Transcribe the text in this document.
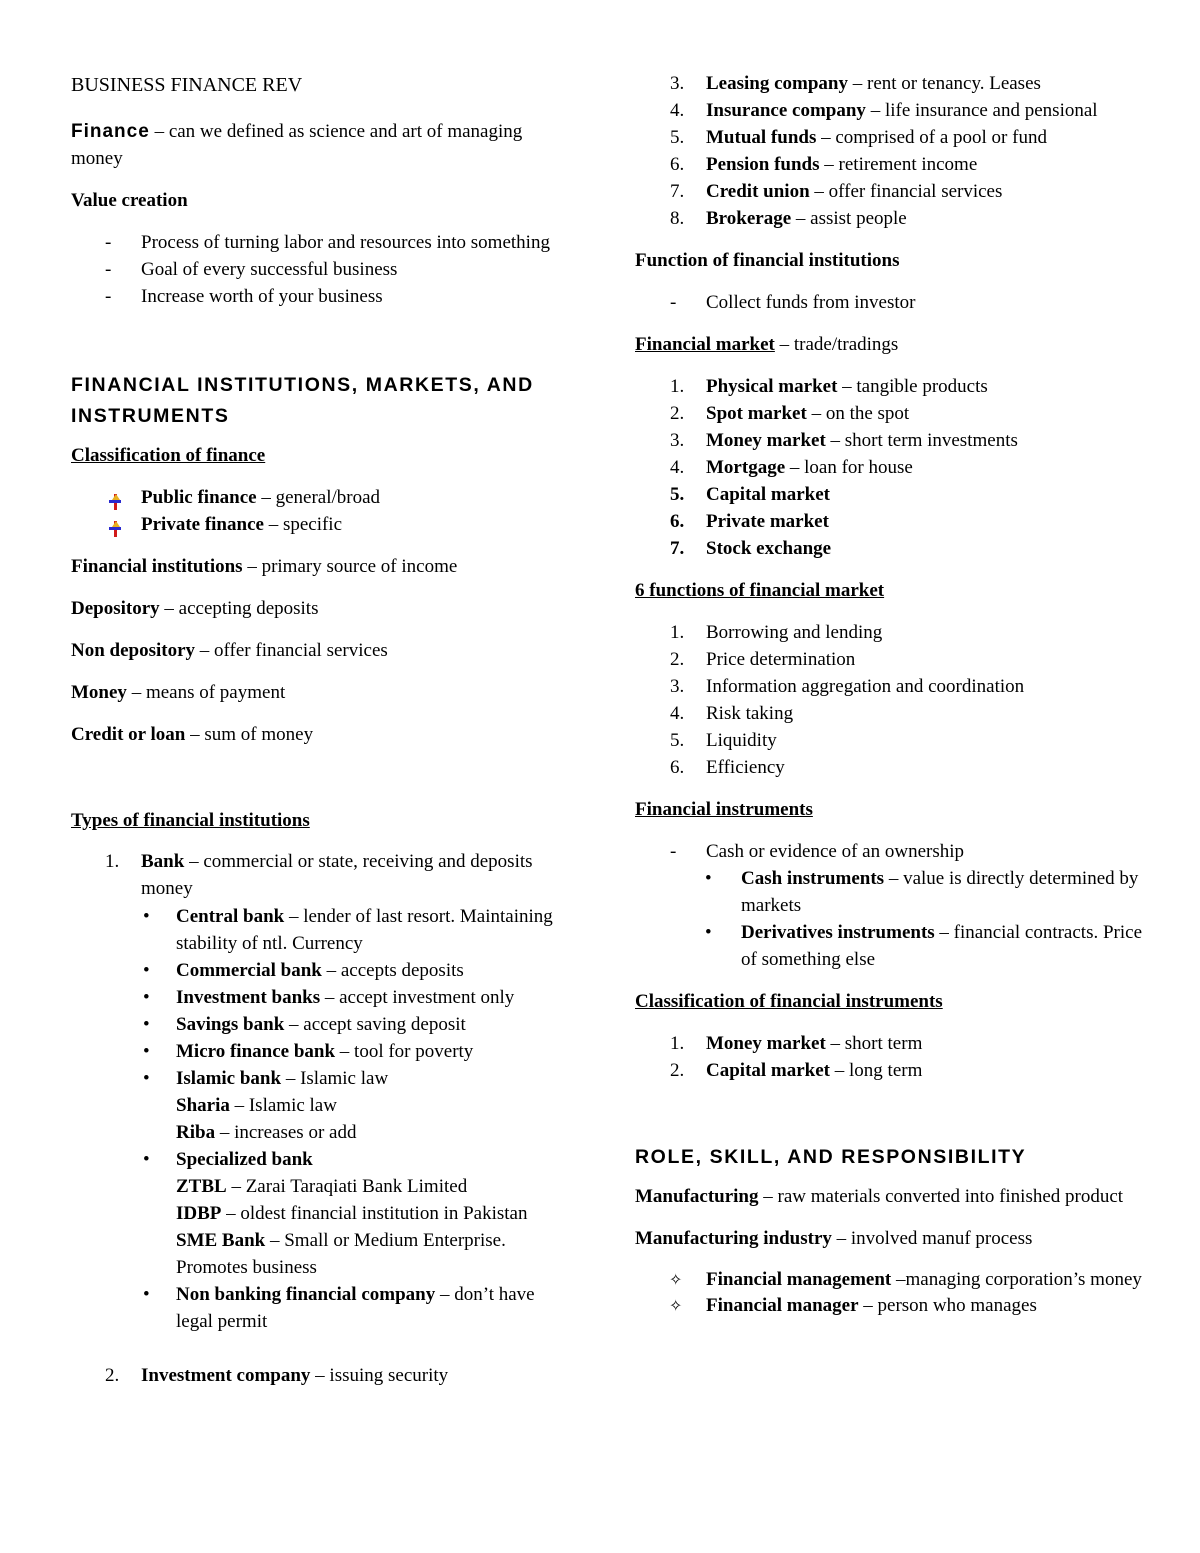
BUSINESS FINANCE REV

Finance – can we defined as science and art of managing money

Value creation

- Process of turning labor and resources into something
- Goal of every successful business
- Increase worth of your business

FINANCIAL INSTITUTIONS, MARKETS, AND INSTRUMENTS

Classification of finance

Public finance – general/broad
Private finance – specific

Financial institutions – primary source of income

Depository – accepting deposits

Non depository – offer financial services

Money – means of payment

Credit or loan – sum of money

Types of financial institutions

1. Bank – commercial or state, receiving and deposits money
• Central bank – lender of last resort. Maintaining stability of ntl. Currency
• Commercial bank – accepts deposits
• Investment banks – accept investment only
• Savings bank – accept saving deposit
• Micro finance bank – tool for poverty
• Islamic bank – Islamic law
Sharia – Islamic law
Riba – increases or add
• Specialized bank
ZTBL – Zarai Taraqiati Bank Limited
IDBP – oldest financial institution in Pakistan
SME Bank – Small or Medium Enterprise. Promotes business
• Non banking financial company – don’t have legal permit
2. Investment company – issuing security
3. Leasing company – rent or tenancy. Leases
4. Insurance company – life insurance and pensional
5. Mutual funds – comprised of a pool or fund
6. Pension funds – retirement income
7. Credit union – offer financial services
8. Brokerage – assist people

Function of financial institutions

- Collect funds from investor

Financial market – trade/tradings

1. Physical market – tangible products
2. Spot market – on the spot
3. Money market – short term investments
4. Mortgage – loan for house
5. Capital market
6. Private market
7. Stock exchange

6 functions of financial market

1. Borrowing and lending
2. Price determination
3. Information aggregation and coordination
4. Risk taking
5. Liquidity
6. Efficiency

Financial instruments

- Cash or evidence of an ownership
• Cash instruments – value is directly determined by markets
• Derivatives instruments – financial contracts. Price of something else

Classification of financial instruments

1. Money market – short term
2. Capital market – long term

ROLE, SKILL, AND RESPONSIBILITY

Manufacturing – raw materials converted into finished product

Manufacturing industry – involved manuf process

✧ Financial management –managing corporation’s money
✧ Financial manager – person who manages
